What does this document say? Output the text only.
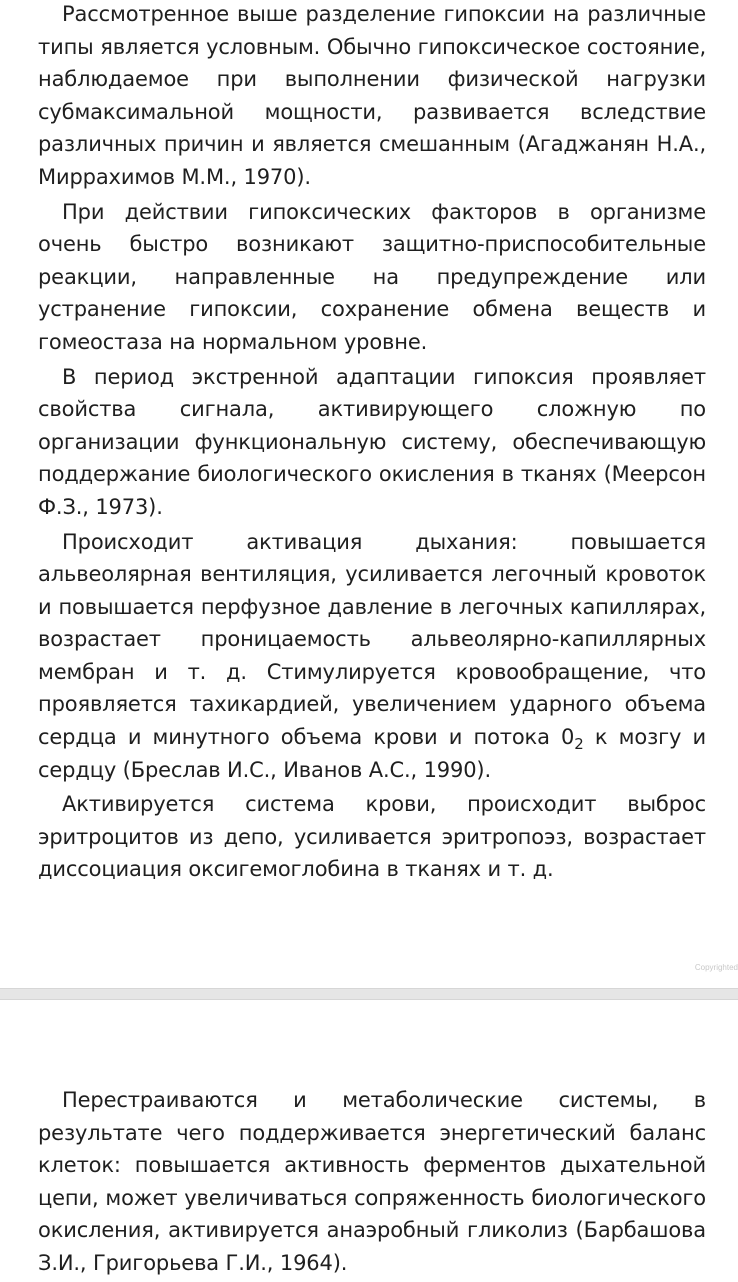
Рассмотренное выше разделение гипоксии на различные типы является условным. Обычно гипоксическое состояние, наблюдаемое при выполнении физической нагрузки субмаксимальной мощности, развивается вследствие различных причин и является смешанным (Агаджанян Н.А., Миррахимов М.М., 1970).

При действии гипоксических факторов в организме очень быстро возникают защитно-приспособительные реакции, направленные на предупреждение или устранение гипоксии, сохранение обмена веществ и гомеостаза на нормальном уровне.

В период экстренной адаптации гипоксия проявляет свойства сигнала, активирующего сложную по организации функциональную систему, обеспечивающую поддержание биологического окисления в тканях (Меерсон Ф.З., 1973).

Происходит активация дыхания: повышается альвеолярная вентиляция, усиливается легочный кровоток и повышается перфузное давление в легочных капиллярах, возрастает проницаемость альвеолярно-капиллярных мембран и т. д. Стимулируется кровообращение, что проявляется тахикардией, увеличением ударного объема сердца и минутного объема крови и потока $0_2$ к мозгу и сердцу (Бреслав И.С., Иванов А.С., 1990).

Активируется система крови, происходит выброс эритроцитов из депо, усиливается эритропоэз, возрастает диссоциация оксигемоглобина в тканях и т. д.

Copyrighted

Перестраиваются и метаболические системы, в результате чего поддерживается энергетический баланс клеток: повышается активность ферментов дыхательной цепи, может увеличиваться сопряженность биологического окисления, активируется анаэробный гликолиз (Барбашова З.И., Григорьева Г.И., 1964).
